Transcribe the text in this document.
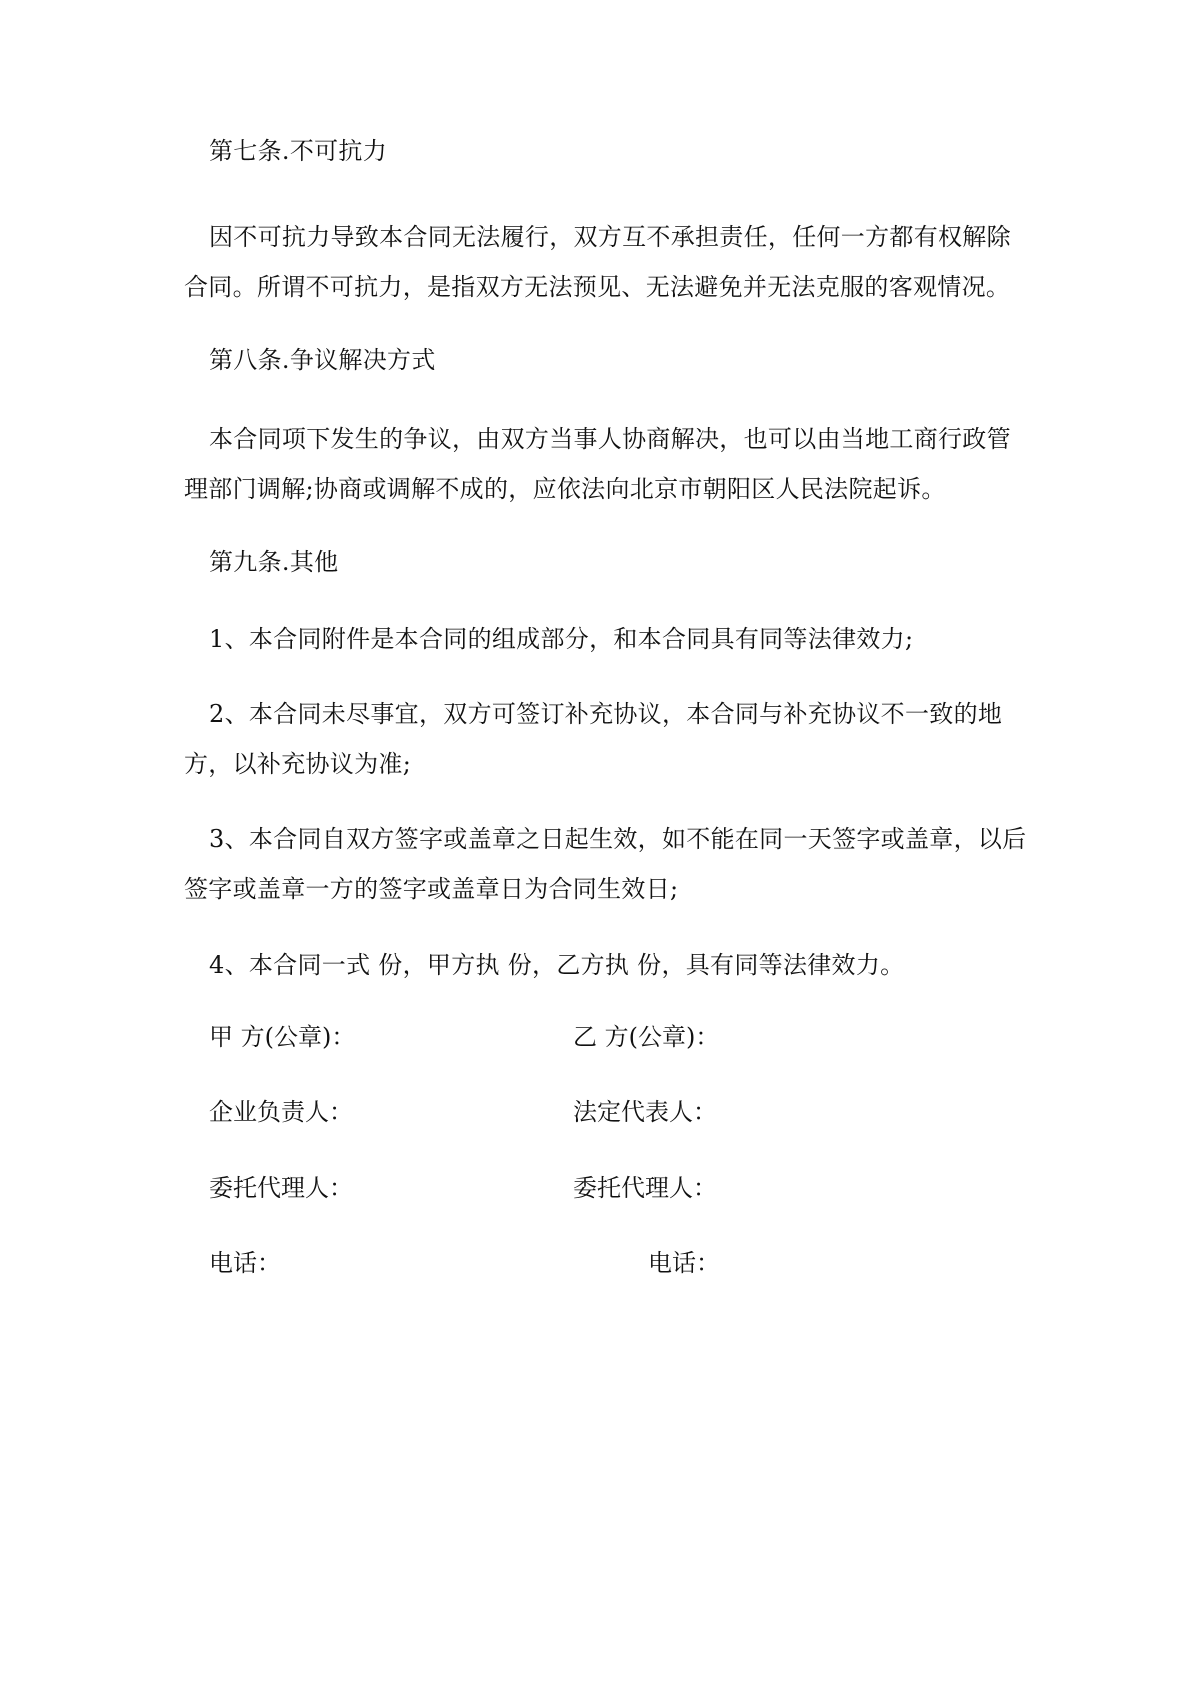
第七条.不可抗力
因不可抗力导致本合同无法履行，双方互不承担责任，任何一方都有权解除
合同。所谓不可抗力，是指双方无法预见、无法避免并无法克服的客观情况。
第八条.争议解决方式
本合同项下发生的争议，由双方当事人协商解决，也可以由当地工商行政管
理部门调解;协商或调解不成的，应依法向北京市朝阳区人民法院起诉。
第九条.其他
1、本合同附件是本合同的组成部分，和本合同具有同等法律效力;
2、本合同未尽事宜，双方可签订补充协议，本合同与补充协议不一致的地
方，以补充协议为准;
3、本合同自双方签字或盖章之日起生效，如不能在同一天签字或盖章，以后
签字或盖章一方的签字或盖章日为合同生效日;
4、本合同一式 份，甲方执 份，乙方执 份，具有同等法律效力。
甲 方(公章)：	乙 方(公章)：
企业负责人：	法定代表人：
委托代理人：	委托代理人：
电话：	电话：
